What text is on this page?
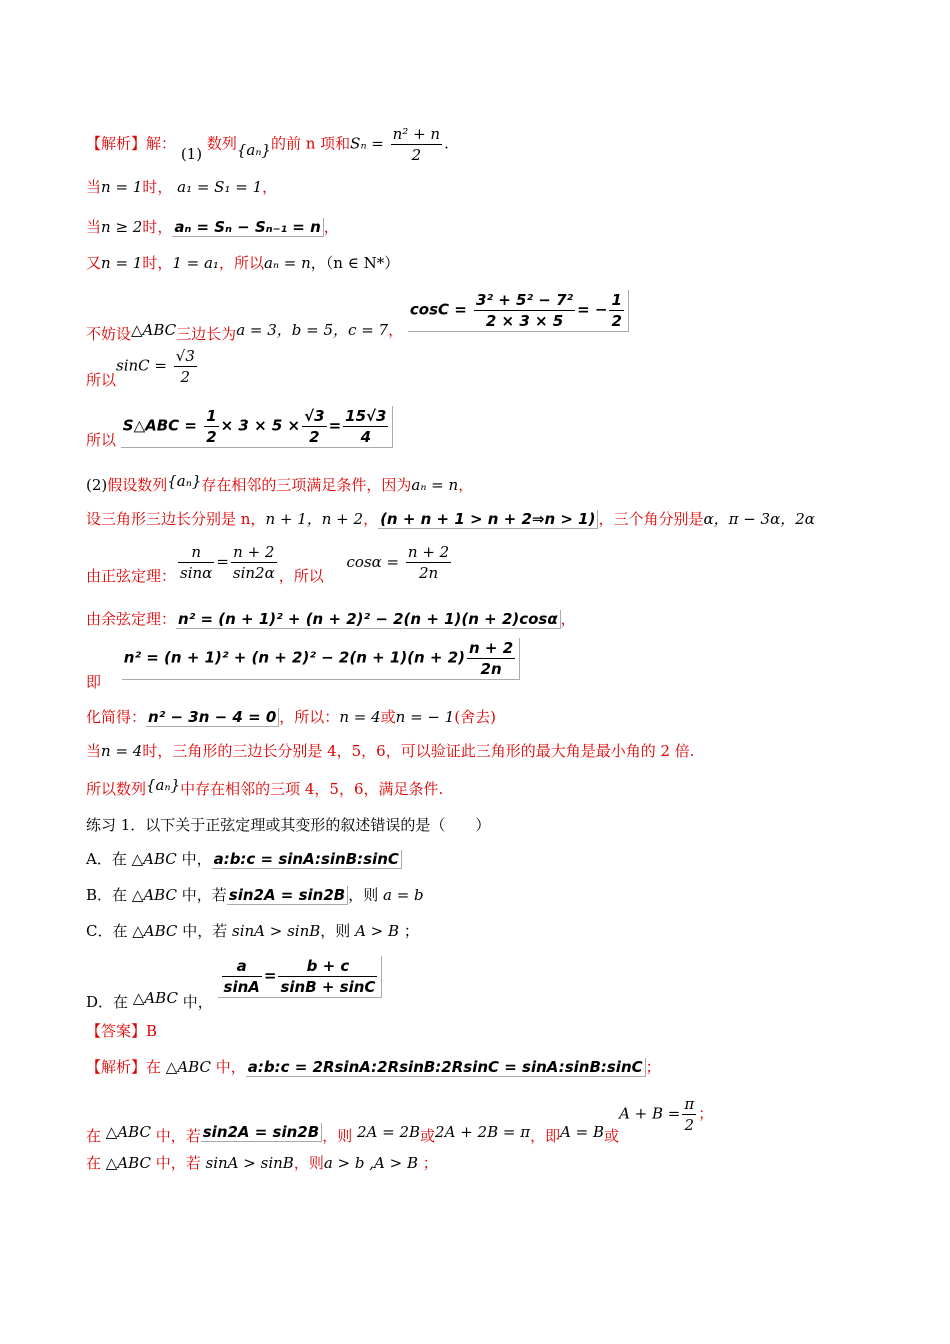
【解析】解： (1) 数列{aₙ}的前 n 项和$S_n = \frac{\text{n² + n}}{2}$ .
当n = 1时， a₁ = S₁ = 1，
当n ≥ 2时， aₙ = Sₙ − Sₙ₋₁ = n ，
又n = 1时，1 = a₁，所以aₙ = n，（n ∈ N*）
不妨设△ABC三边长为a = 3，b = 5，c = 7， $\cos C = \frac{\text{3² + 5² − 7²}}{2 \times 3 \times 5}$ = − $\frac{1}{2}$
所以$\sin C = \frac{√3}{2}$
所以 S△ABC = $\frac{1}{2} \times 3 \times 5 \times \frac{√3}{2} = \frac{15√3}{4}$
(2)假设数列{aₙ}存在相邻的三项满足条件，因为aₙ = n，
设三角形三边长分别是 n，n + 1，n + 2， (n + n + 1 > n + 2⇒n > 1) ，三个角分别是α，π − 3α，2α
由正弦定理： $\frac{n}{\sin\alpha} = \frac{n + 2}{\sin 2\alpha}$ ，所以 $\cos\alpha = \frac{n + 2}{2n}$
由余弦定理： n² = (n + 1)² + (n + 2)² − 2(n + 1)(n + 2)cosα ，
即 $n^2 = (n + 1)^2 + (n + 2)^2 - 2(n + 1)(n + 2) \frac{n + 2}{2n}$
化简得： n² − 3n − 4 = 0 ，所以：n = 4或n = − 1(舍去)
当n = 4时，三角形的三边长分别是 4，5，6，可以验证此三角形的最大角是最小角的 2 倍.
所以数列{aₙ}中存在相邻的三项 4，5，6，满足条件.
练习 1．以下关于正弦定理或其变形的叙述错误的是（　　）
A．在 △ABC 中， a:b:c = sinA:sinB:sinC
B．在 △ABC 中，若 sin2A = sin2B ，则 a = b
C．在 △ABC 中，若 sinA > sinB，则 A > B ；
D．在 △ABC 中，
$\frac{a}{\sin A} = \frac{b + c}{\sin B + \sin C}$
【答案】B
【解析】在 △ABC 中， a:b:c = 2RsinA:2RsinB:2RsinC = sinA:sinB:sinC ；
在 △ABC 中，若 sin2A = sin2B ，则 2A = 2B或2A + 2B = π，即A = B或$A + B = \frac{\pi}{2}$ ；
在 △ABC 中，若 sinA > sinB，则a > b ,A > B ；
